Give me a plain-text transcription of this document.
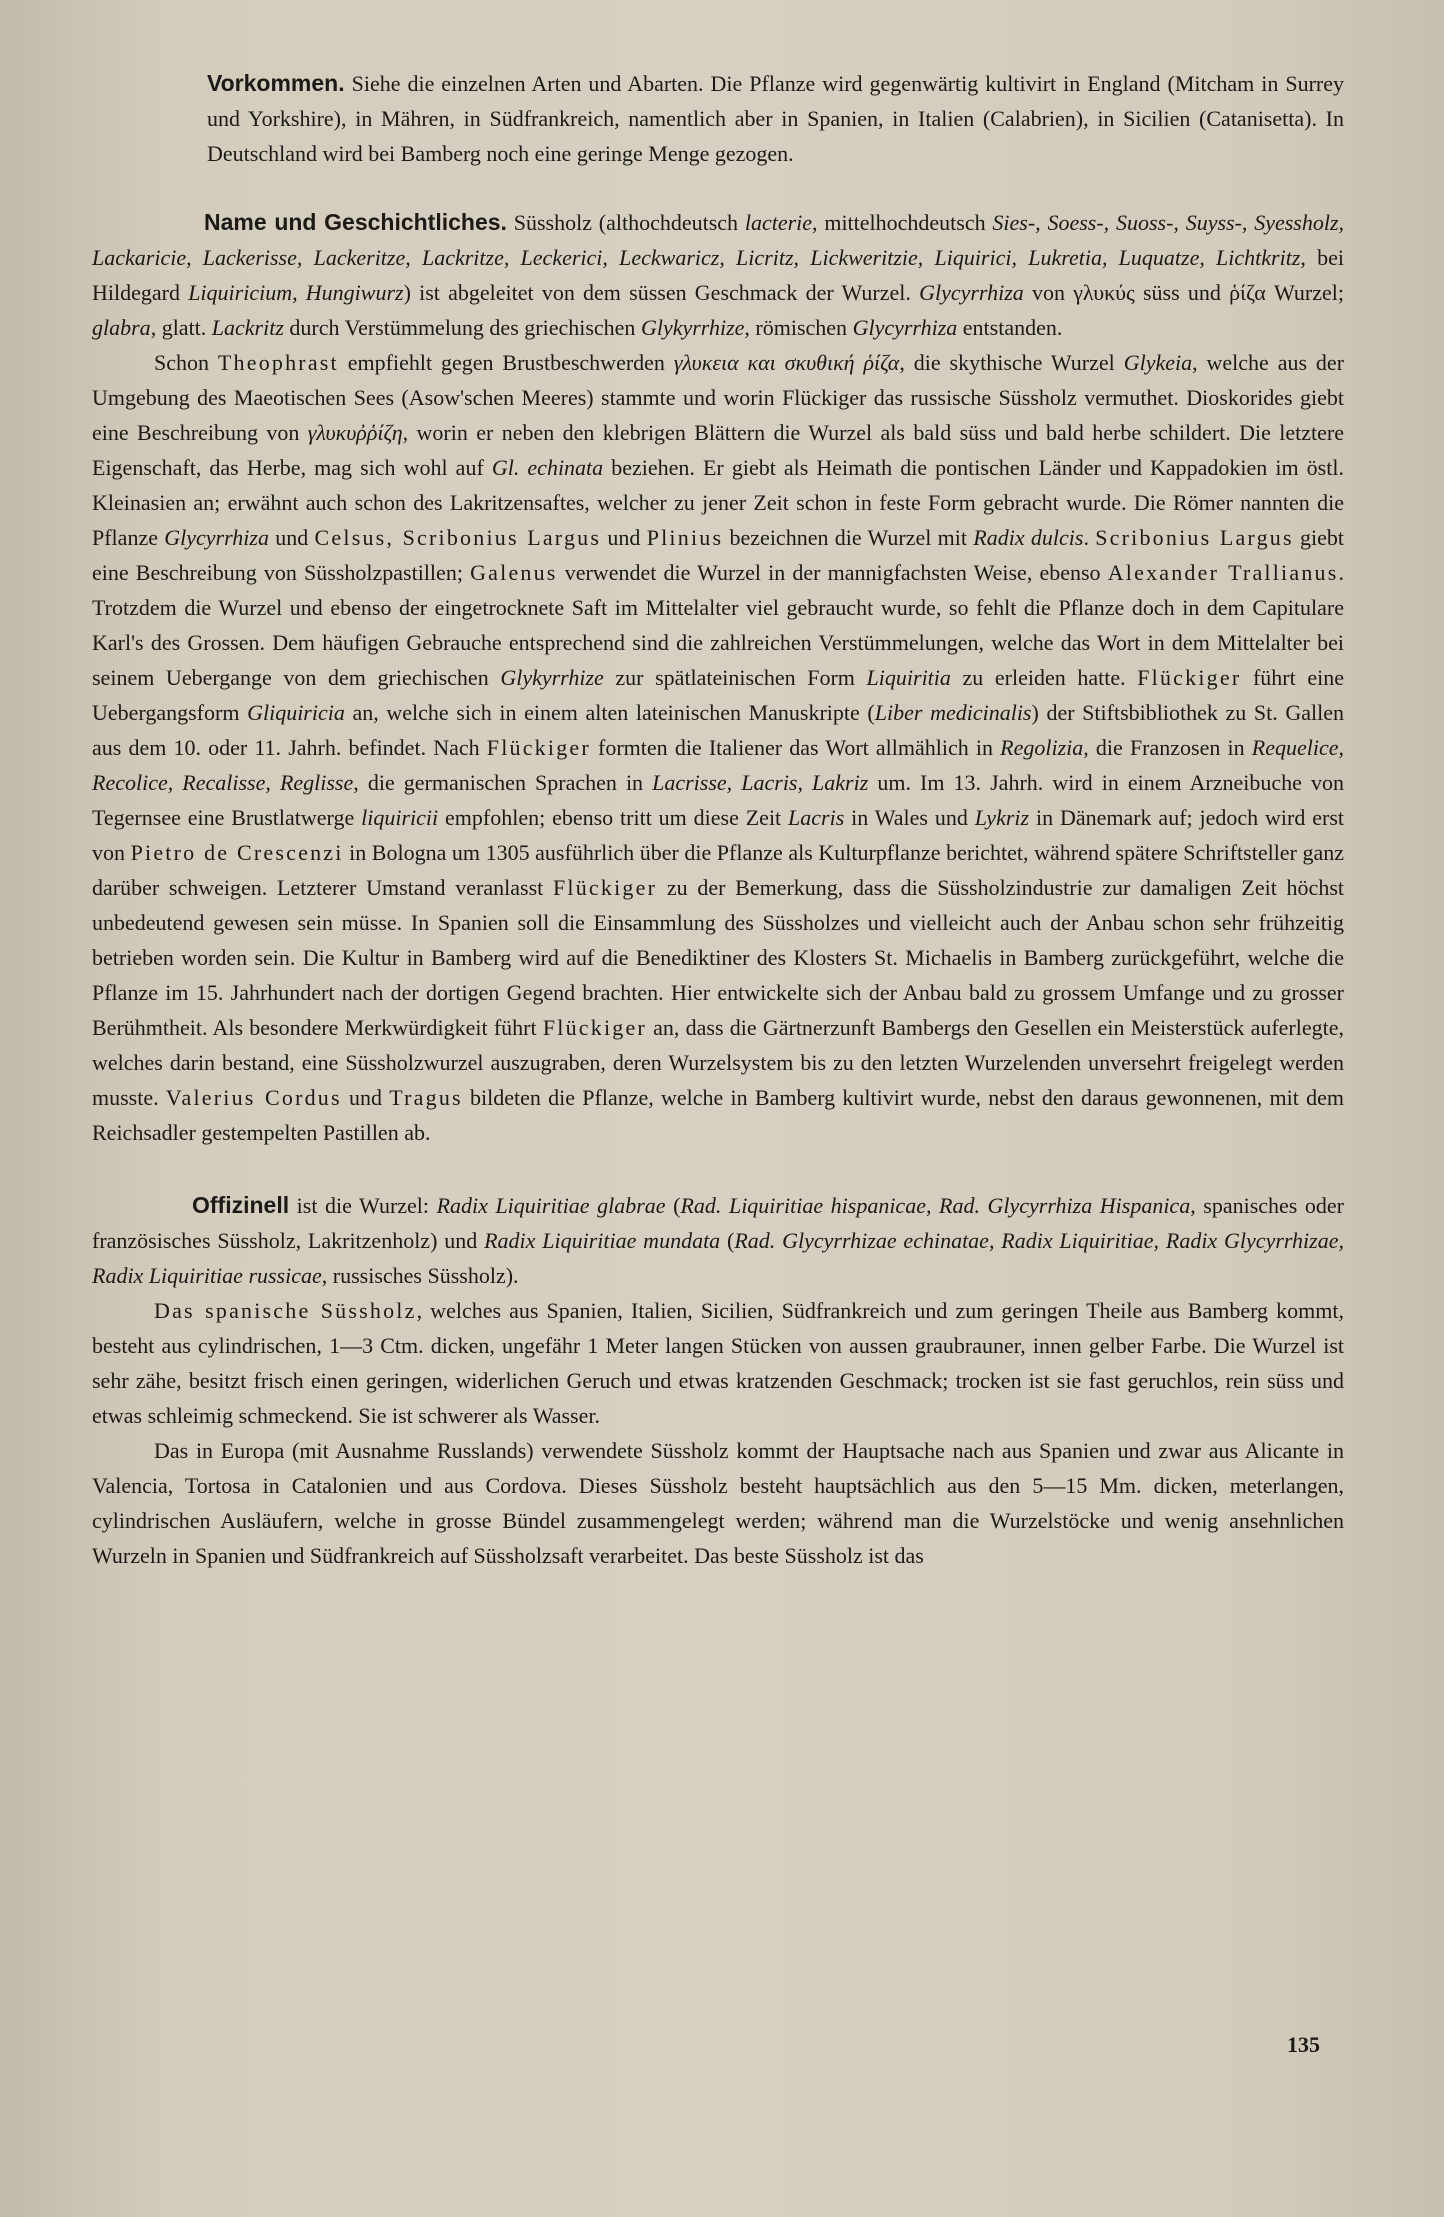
Vorkommen. Siehe die einzelnen Arten und Abarten. Die Pflanze wird gegenwärtig kultivirt in England (Mitcham in Surrey und Yorkshire), in Mähren, in Südfrankreich, namentlich aber in Spanien, in Italien (Calabrien), in Sicilien (Catanisetta). In Deutschland wird bei Bamberg noch eine geringe Menge gezogen.

Name und Geschichtliches. Süssholz (althochdeutsch lacterie, mittelhochdeutsch Sies-, Soess-, Suoss-, Suyss-, Syessholz, Lackaricie, Lackerisse, Lackeritze, Lackritze, Leckerici, Leckwaricz, Licritz, Lickweritzie, Liquirici, Lukretia, Luquatze, Lichtkritz, bei Hildegard Liquiricium, Hungiwurz) ist abgeleitet von dem süssen Geschmack der Wurzel. Glycyrrhiza von γλυκύς süss und ῥίζα Wurzel; glabra, glatt. Lackritz durch Verstümmelung des griechischen Glykyrrhize, römischen Glycyrrhiza entstanden.

Schon Theophrast empfiehlt gegen Brustbeschwerden γλυκεια και σκυθική ῥίζα, die skythische Wurzel Glykeia, welche aus der Umgebung des Maeotischen Sees (Asow'schen Meeres) stammte und worin Flückiger das russische Süssholz vermuthet. Dioskorides giebt eine Beschreibung von γλυκυῤῥίζη, worin er neben den klebrigen Blättern die Wurzel als bald süss und bald herbe schildert. Die letztere Eigenschaft, das Herbe, mag sich wohl auf Gl. echinata beziehen. Er giebt als Heimath die pontischen Länder und Kappadokien im östl. Kleinasien an; erwähnt auch schon des Lakritzensaftes, welcher zu jener Zeit schon in feste Form gebracht wurde. Die Römer nannten die Pflanze Glycyrrhiza und Celsus, Scribonius Largus und Plinius bezeichnen die Wurzel mit Radix dulcis. Scribonius Largus giebt eine Beschreibung von Süssholzpastillen; Galenus verwendet die Wurzel in der mannigfachsten Weise, ebenso Alexander Trallianus. Trotzdem die Wurzel und ebenso der eingetrocknete Saft im Mittelalter viel gebraucht wurde, so fehlt die Pflanze doch in dem Capitulare Karl's des Grossen. Dem häufigen Gebrauche entsprechend sind die zahlreichen Verstümmelungen, welche das Wort in dem Mittelalter bei seinem Uebergange von dem griechischen Glykyrrhize zur spätlateinischen Form Liquiritia zu erleiden hatte. Flückiger führt eine Uebergangsform Gliquiricia an, welche sich in einem alten lateinischen Manuskripte (Liber medicinalis) der Stiftsbibliothek zu St. Gallen aus dem 10. oder 11. Jahrh. befindet. Nach Flückiger formten die Italiener das Wort allmählich in Regolizia, die Franzosen in Requelice, Recolice, Recalisse, Reglisse, die germanischen Sprachen in Lacrisse, Lacris, Lakriz um. Im 13. Jahrh. wird in einem Arzneibuche von Tegernsee eine Brustlatwerge liquiricii empfohlen; ebenso tritt um diese Zeit Lacris in Wales und Lykriz in Dänemark auf; jedoch wird erst von Pietro de Crescenzi in Bologna um 1305 ausführlich über die Pflanze als Kulturpflanze berichtet, während spätere Schriftsteller ganz darüber schweigen. Letzterer Umstand veranlasst Flückiger zu der Bemerkung, dass die Süssholzindustrie zur damaligen Zeit höchst unbedeutend gewesen sein müsse. In Spanien soll die Einsammlung des Süssholzes und vielleicht auch der Anbau schon sehr frühzeitig betrieben worden sein. Die Kultur in Bamberg wird auf die Benediktiner des Klosters St. Michaelis in Bamberg zurückgeführt, welche die Pflanze im 15. Jahrhundert nach der dortigen Gegend brachten. Hier entwickelte sich der Anbau bald zu grossem Umfange und zu grosser Berühmtheit. Als besondere Merkwürdigkeit führt Flückiger an, dass die Gärtnerzunft Bambergs den Gesellen ein Meisterstück auferlegte, welches darin bestand, eine Süssholzwurzel auszugraben, deren Wurzelsystem bis zu den letzten Wurzelenden unversehrt freigelegt werden musste. Valerius Cordus und Tragus bildeten die Pflanze, welche in Bamberg kultivirt wurde, nebst den daraus gewonnenen, mit dem Reichsadler gestempelten Pastillen ab.

Offizinell ist die Wurzel: Radix Liquiritiae glabrae (Rad. Liquiritiae hispanicae, Rad. Glycyrrhiza Hispanica, spanisches oder französisches Süssholz, Lakritzenholz) und Radix Liquiritiae mundata (Rad. Glycyrrhizae echinatae, Radix Liquiritiae, Radix Glycyrrhizae, Radix Liquiritiae russicae, russisches Süssholz).

Das spanische Süssholz, welches aus Spanien, Italien, Sicilien, Südfrankreich und zum geringen Theile aus Bamberg kommt, besteht aus cylindrischen, 1—3 Ctm. dicken, ungefähr 1 Meter langen Stücken von aussen graubrauner, innen gelber Farbe. Die Wurzel ist sehr zähe, besitzt frisch einen geringen, widerlichen Geruch und etwas kratzenden Geschmack; trocken ist sie fast geruchlos, rein süss und etwas schleimig schmeckend. Sie ist schwerer als Wasser.

Das in Europa (mit Ausnahme Russlands) verwendete Süssholz kommt der Hauptsache nach aus Spanien und zwar aus Alicante in Valencia, Tortosa in Catalonien und aus Cordova. Dieses Süssholz besteht hauptsächlich aus den 5—15 Mm. dicken, meterlangen, cylindrischen Ausläufern, welche in grosse Bündel zusammengelegt werden; während man die Wurzelstöcke und wenig ansehnlichen Wurzeln in Spanien und Südfrankreich auf Süssholzsaft verarbeitet. Das beste Süssholz ist das

135
